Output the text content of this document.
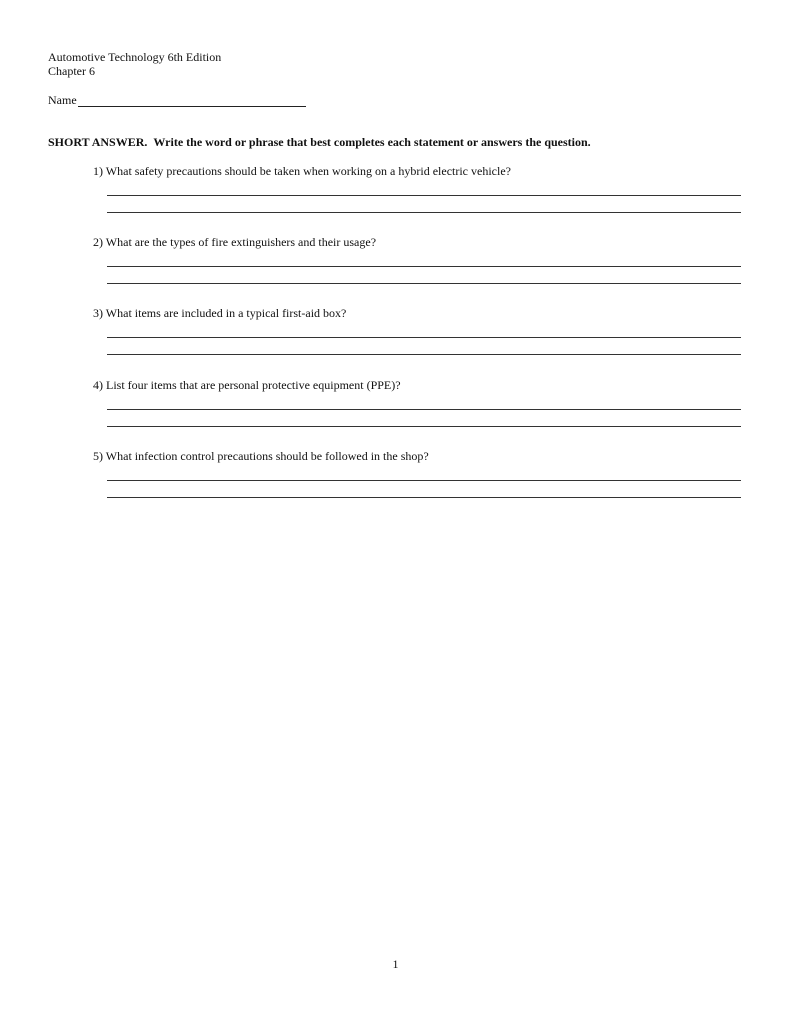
Automotive Technology 6th Edition
Chapter 6
Name
SHORT ANSWER. Write the word or phrase that best completes each statement or answers the question.
1) What safety precautions should be taken when working on a hybrid electric vehicle?
2) What are the types of fire extinguishers and their usage?
3) What items are included in a typical first-aid box?
4) List four items that are personal protective equipment (PPE)?
5) What infection control precautions should be followed in the shop?
1
